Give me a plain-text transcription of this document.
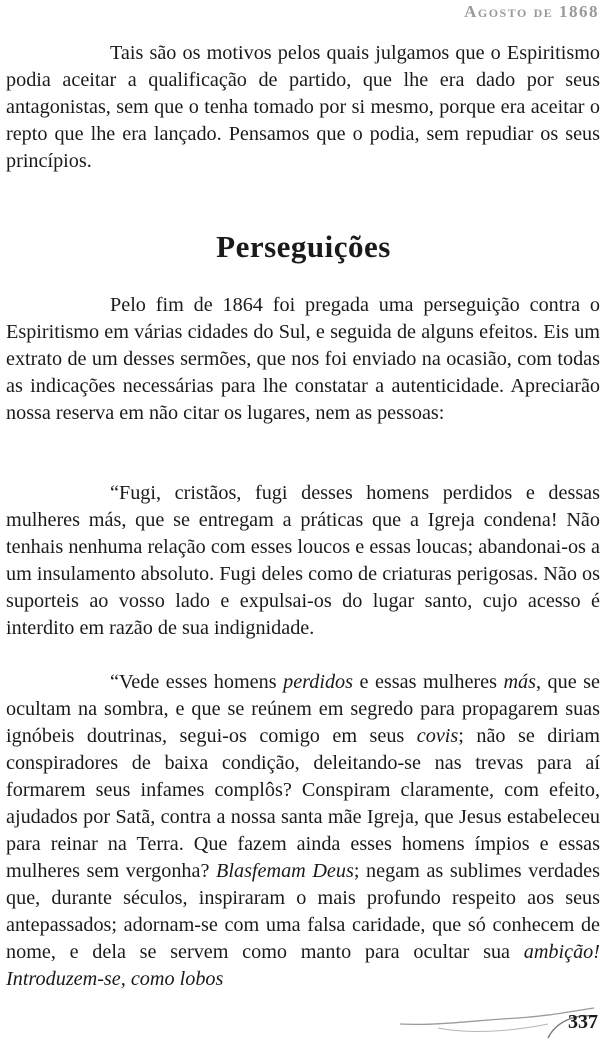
Agosto de 1868

Tais são os motivos pelos quais julgamos que o Espiritismo podia aceitar a qualificação de partido, que lhe era dado por seus antagonistas, sem que o tenha tomado por si mesmo, porque era aceitar o repto que lhe era lançado. Pensamos que o podia, sem repudiar os seus princípios.

Perseguições

Pelo fim de 1864 foi pregada uma perseguição contra o Espiritismo em várias cidades do Sul, e seguida de alguns efeitos. Eis um extrato de um desses sermões, que nos foi enviado na ocasião, com todas as indicações necessárias para lhe constatar a autenticidade. Apreciarão nossa reserva em não citar os lugares, nem as pessoas:

“Fugi, cristãos, fugi desses homens perdidos e dessas mulheres más, que se entregam a práticas que a Igreja condena! Não tenhais nenhuma relação com esses loucos e essas loucas; abandonai-os a um insulamento absoluto. Fugi deles como de criaturas perigosas. Não os suporteis ao vosso lado e expulsai-os do lugar santo, cujo acesso é interdito em razão de sua indignidade.

“Vede esses homens perdidos e essas mulheres más, que se ocultam na sombra, e que se reúnem em segredo para propagarem suas ignóbeis doutrinas, segui-os comigo em seus covis; não se diriam conspiradores de baixa condição, deleitando-se nas trevas para aí formarem seus infames complôs? Conspiram claramente, com efeito, ajudados por Satã, contra a nossa santa mãe Igreja, que Jesus estabeleceu para reinar na Terra. Que fazem ainda esses homens ímpios e essas mulheres sem vergonha? Blasfemam Deus; negam as sublimes verdades que, durante séculos, inspiraram o mais profundo respeito aos seus antepassados; adornam-se com uma falsa caridade, que só conhecem de nome, e dela se servem como manto para ocultar sua ambição! Introduzem-se, como lobos

337
